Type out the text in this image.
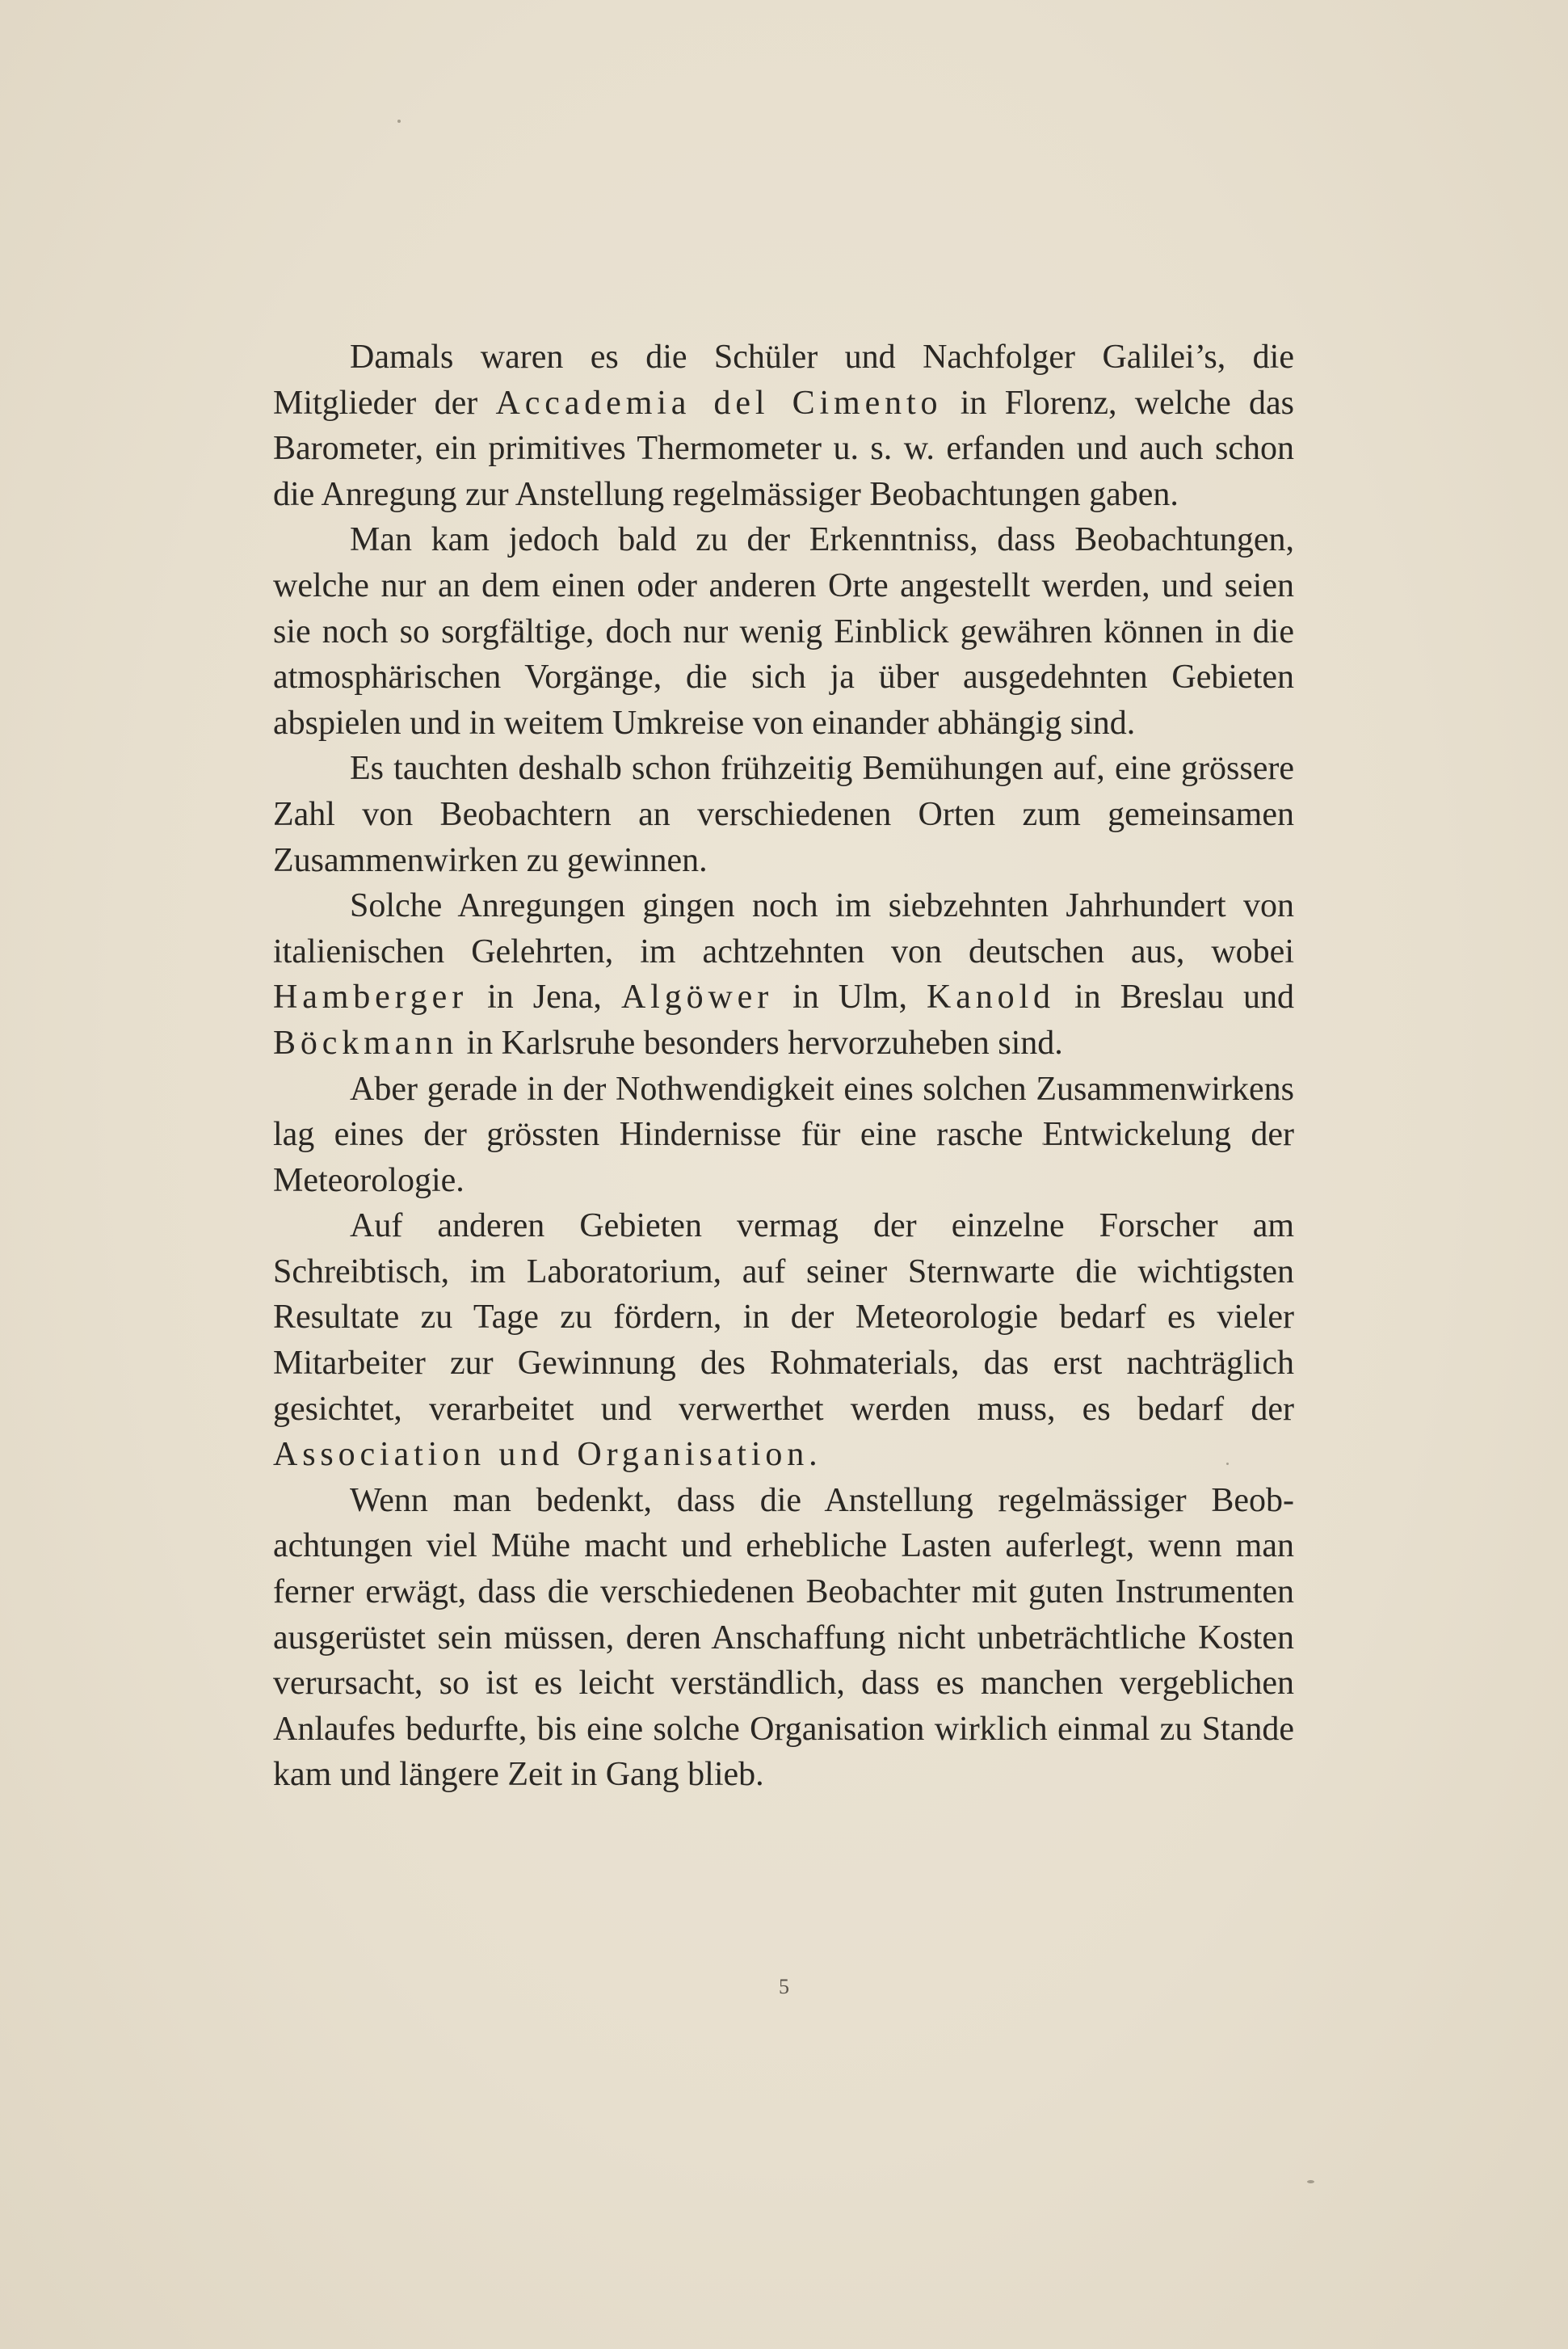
Damals waren es die Schüler und Nachfolger Galilei’s, die Mitglieder der Accademia del Cimento in Florenz, welche das Barometer, ein primitives Thermometer u. s. w. erfanden und auch schon die Anregung zur Anstellung regelmässiger Beobachtungen gaben.

Man kam jedoch bald zu der Erkenntniss, dass Beobachtungen, welche nur an dem einen oder anderen Orte angestellt werden, und seien sie noch so sorgfältige, doch nur wenig Einblick gewähren können in die atmosphärischen Vorgänge, die sich ja über ausgedehnten Gebieten abspielen und in weitem Umkreise von einander abhängig sind.

Es tauchten deshalb schon frühzeitig Bemühungen auf, eine grössere Zahl von Beobachtern an verschiedenen Orten zum gemeinsamen Zusammenwirken zu gewinnen.

Solche Anregungen gingen noch im siebzehnten Jahrhundert von italienischen Gelehrten, im achtzehnten von deutschen aus, wobei Hamberger in Jena, Algöwer in Ulm, Kanold in Breslau und Böckmann in Karlsruhe besonders hervorzuheben sind.

Aber gerade in der Nothwendigkeit eines solchen Zusammenwirkens lag eines der grössten Hindernisse für eine rasche Entwickelung der Meteorologie.

Auf anderen Gebieten vermag der einzelne Forscher am Schreibtisch, im Laboratorium, auf seiner Sternwarte die wichtigsten Resultate zu Tage zu fördern, in der Meteorologie bedarf es vieler Mitarbeiter zur Gewinnung des Rohmaterials, das erst nachträglich gesichtet, verarbeitet und verwerthet werden muss, es bedarf der Association und Organisation.

Wenn man bedenkt, dass die Anstellung regelmässiger Beobachtungen viel Mühe macht und erhebliche Lasten auferlegt, wenn man ferner erwägt, dass die verschiedenen Beobachter mit guten Instrumenten ausgerüstet sein müssen, deren Anschaffung nicht unbeträchtliche Kosten verursacht, so ist es leicht verständlich, dass es manchen vergeblichen Anlaufes bedurfte, bis eine solche Organisation wirklich einmal zu Stande kam und längere Zeit in Gang blieb.

5
